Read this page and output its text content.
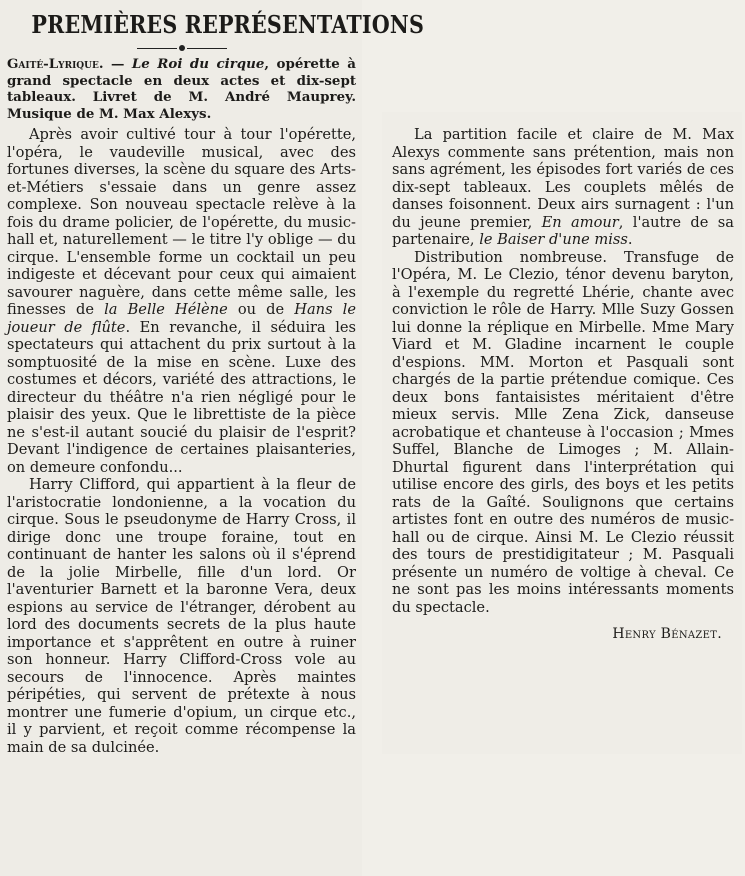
PREMIÈRES REPRÉSENTATIONS

Gaité-Lyrique. — Le Roi du cirque, opérette à grand spectacle en deux actes et dix-sept tableaux. Livret de M. André Mauprey. Musique de M. Max Alexys.

Après avoir cultivé tour à tour l'opérette, l'opéra, le vaudeville musical, avec des fortunes diverses, la scène du square des Arts-et-Métiers s'essaie dans un genre assez complexe. Son nouveau spectacle relève à la fois du drame policier, de l'opérette, du music-hall et, naturellement — le titre l'y oblige — du cirque. L'ensemble forme un cocktail un peu indigeste et décevant pour ceux qui aimaient savourer naguère, dans cette même salle, les finesses de la Belle Hélène ou de Hans le joueur de flûte. En revanche, il séduira les spectateurs qui attachent du prix surtout à la somptuosité de la mise en scène. Luxe des costumes et décors, variété des attractions, le directeur du théâtre n'a rien négligé pour le plaisir des yeux. Que le librettiste de la pièce ne s'est-il autant soucié du plaisir de l'esprit? Devant l'indigence de certaines plaisanteries, on demeure confondu...

Harry Clifford, qui appartient à la fleur de l'aristocratie londonienne, a la vocation du cirque. Sous le pseudonyme de Harry Cross, il dirige donc une troupe foraine, tout en continuant de hanter les salons où il s'éprend de la jolie Mirbelle, fille d'un lord. Or l'aventurier Barnett et la baronne Vera, deux espions au service de l'étranger, dérobent au lord des documents secrets de la plus haute importance et s'apprêtent en outre à ruiner son honneur. Harry Clifford-Cross vole au secours de l'innocence. Après maintes péripéties, qui servent de prétexte à nous montrer une fumerie d'opium, un cirque etc., il y parvient, et reçoit comme récompense la main de sa dulcinée.

La partition facile et claire de M. Max Alexys commente sans prétention, mais non sans agrément, les épisodes fort variés de ces dix-sept tableaux. Les couplets mêlés de danses foisonnent. Deux airs surnagent : l'un du jeune premier, En amour, l'autre de sa partenaire, le Baiser d'une miss.

Distribution nombreuse. Transfuge de l'Opéra, M. Le Clezio, ténor devenu baryton, à l'exemple du regretté Lhérie, chante avec conviction le rôle de Harry. Mlle Suzy Gossen lui donne la réplique en Mirbelle. Mme Mary Viard et M. Gladine incarnent le couple d'espions. MM. Morton et Pasquali sont chargés de la partie prétendue comique. Ces deux bons fantaisistes méritaient d'être mieux servis. Mlle Zena Zick, danseuse acrobatique et chanteuse à l'occasion ; Mmes Suffel, Blanche de Limoges ; M. Allain-Dhurtal figurent dans l'interprétation qui utilise encore des girls, des boys et les petits rats de la Gaîté. Soulignons que certains artistes font en outre des numéros de music-hall ou de cirque. Ainsi M. Le Clezio réussit des tours de prestidigitateur ; M. Pasquali présente un numéro de voltige à cheval. Ce ne sont pas les moins intéressants moments du spectacle.

Henry Bénazet.
